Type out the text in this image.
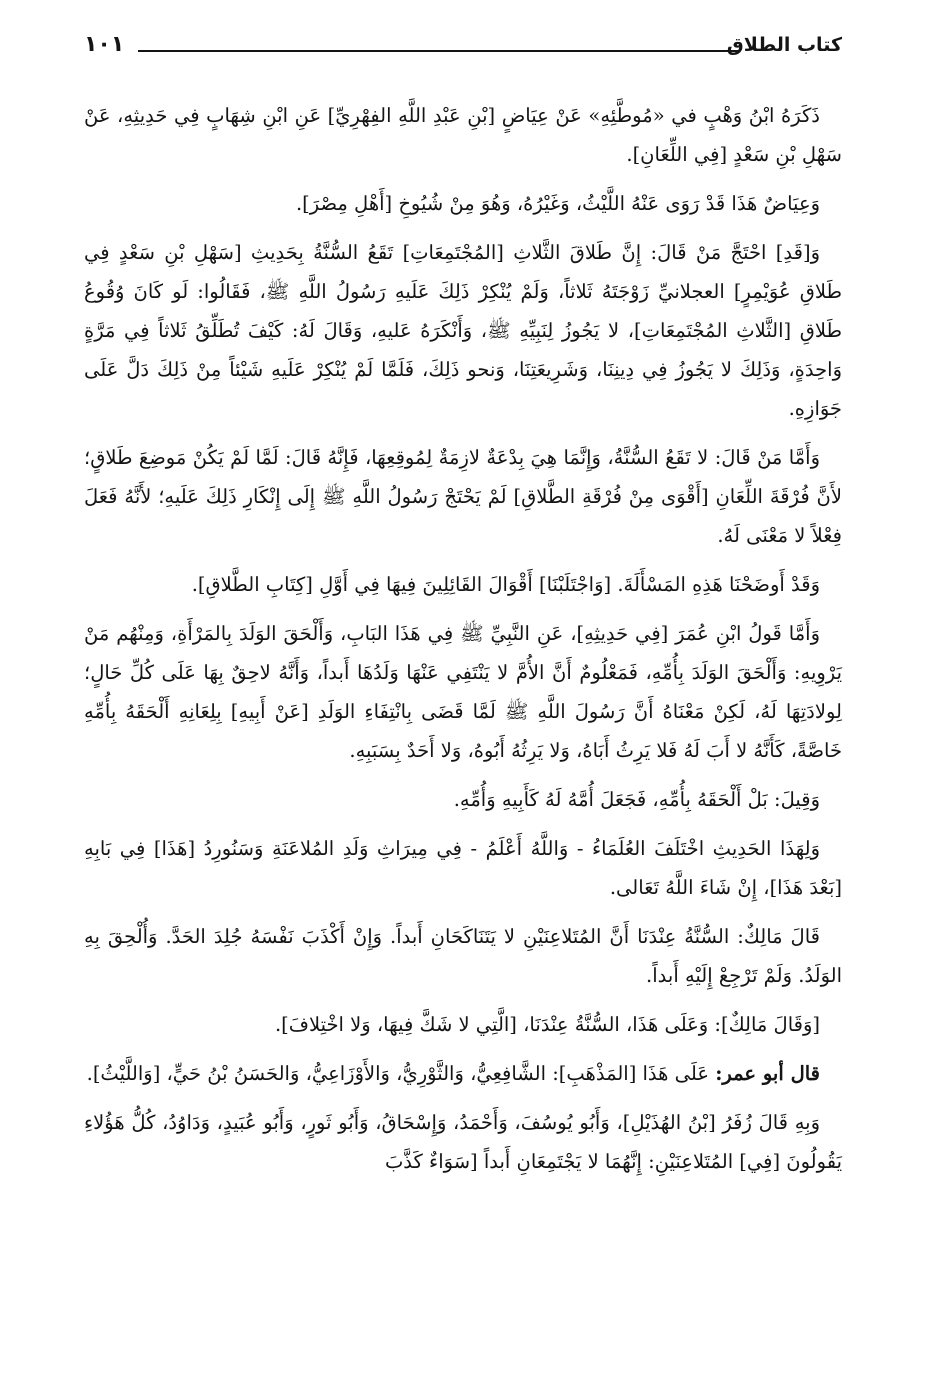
كتاب الطلاق
١٠١

ذَكَرَهُ ابْنُ وَهْبٍ في «مُوطَّئِهِ» عَنْ عِيَاضٍ [بْنِ عَبْدِ اللَّهِ الفِهْرِيِّ] عَنِ ابْنِ شِهَابٍ فِي حَدِيثِهِ، عَنْ سَهْلِ بْنِ سَعْدٍ [فِي اللِّعَانِ].

وَعِيَاضٌ هَذَا قَدْ رَوَى عَنْهُ اللَّيْثُ، وَغَيْرُهُ، وَهُوَ مِنْ شُيُوخِ [أَهْلِ مِصْرَ].

وَ[قَدِ] احْتَجَّ مَنْ قَالَ: إِنَّ طَلاقَ الثَّلاثِ [المُجْتَمِعَاتِ] تَقَعُ السُّنَّةُ بِحَدِيثِ [سَهْلِ بْنِ سَعْدٍ فِي طَلاقِ عُوَيْمِرٍ] العجلانيِّ زَوْجَتَهُ ثَلاثاً، وَلَمْ يُنْكِرْ ذَلِكَ عَلَيهِ رَسُولُ اللَّهِ ﷺ، فَقَالُوا: لَو كَانَ وُقُوعُ طَلاقِ [الثَّلاثِ المُجْتَمِعَاتِ]، لا يَجُوزُ لِنَبِيِّهِ ﷺ، وَأَنْكَرَهُ عَليهِ، وَقَالَ لَهُ: كَيْفَ تُطَلِّقُ ثَلاثاً فِي مَرَّةٍ وَاحِدَةٍ، وَذَلِكَ لا يَجُوزُ فِي دِينِنَا، وَشَرِيعَتِنَا، وَنحو ذَلِكَ، فَلَمَّا لَمْ يُنْكِرْ عَلَيهِ شَيْئاً مِنْ ذَلِكَ دَلَّ عَلَى جَوَازِهِ.

وَأَمَّا مَنْ قَالَ: لا تَقَعُ السُّنَّةُ، وَإِنَّمَا هِيَ بِدْعَةٌ لازِمَةٌ لِمُوقِعِهَا، فَإِنَّهُ قَالَ: لَمَّا لَمْ يَكُنْ مَوضِعَ طَلاقٍ؛ لأَنَّ فُرْقَةَ اللِّعَانِ [أَقْوَى مِنْ فُرْقَةِ الطَّلاقِ] لَمْ يَحْتَجْ رَسُولُ اللَّهِ ﷺ إِلَى إِنْكَارِ ذَلِكَ عَلَيهِ؛ لأَنَّهُ فَعَلَ فِعْلاً لا مَعْنَى لَهُ.

وَقَدْ أَوضَحْنَا هَذِهِ المَسْأَلَةَ. [وَاجْتَلَبْنَا] أَقْوَالَ القَائِلِينَ فِيهَا فِي أَوَّلِ [كِتَابِ الطَّلاقِ].

وَأَمَّا قَولُ ابْنِ عُمَرَ [فِي حَدِيثِهِ]، عَنِ النَّبِيِّ ﷺ فِي هَذَا البَابِ، وَأَلْحَقَ الوَلَدَ بِالمَرْأَةِ، وَمِنْهُم مَنْ يَرْوِيهِ: وَأَلْحَقَ الوَلَدَ بِأُمِّهِ، فَمَعْلُومٌ أَنَّ الأُمَّ لا يَنْتَفِي عَنْهَا وَلَدُهَا أَبداً، وَأَنَّهُ لاحِقٌ بِهَا عَلَى كُلِّ حَالٍ؛ لِولادَتِهَا لَهُ، لَكِنْ مَعْنَاهُ أَنَّ رَسُولَ اللَّهِ ﷺ لَمَّا قَضَى بِانْتِفَاءِ الوَلَدِ [عَنْ أَبِيهِ] بِلِعَانِهِ أَلْحَقَهُ بِأُمِّهِ خَاصَّةً، كَأَنَّهُ لا أَبَ لَهُ فَلا يَرِثُ أَبَاهُ، وَلا يَرِثُهُ أَبُوهُ، وَلا أَحَدٌ بِسَبَبِهِ.

وَقِيلَ: بَلْ أَلْحَقَهُ بِأُمِّهِ، فَجَعَلَ أُمَّهُ لَهُ كَأَبِيهِ وَأُمِّهِ.

وَلِهَذَا الحَدِيثِ اخْتَلَفَ العُلَمَاءُ - وَاللَّهُ أَعْلَمُ - فِي مِيرَاثِ وَلَدِ المُلاعَنَةِ وَسَنُورِدُ [هَذَا] فِي بَابِهِ [بَعْدَ هَذَا]، إِنْ شَاءَ اللَّهُ تَعَالى.

قَالَ مَالِكٌ: السُّنَّةُ عِنْدَنَا أَنَّ المُتَلاعِنَيْنِ لا يَتَنَاكَحَانِ أَبداً. وَإِنْ أَكْذَبَ نَفْسَهُ جُلِدَ الحَدَّ. وَأُلْحِقَ بِهِ الوَلَدُ. وَلَمْ تَرْجِعْ إِلَيْهِ أَبداً.

[وَقَالَ مَالِكٌ]: وَعَلَى هَذَا، السُّنَّةُ عِنْدَنَا، [الَّتِي لا شَكَّ فِيهَا، وَلا اخْتِلافَ].

قال أبو عمر: عَلَى هَذَا [المَذْهَبِ]: الشَّافِعِيُّ، وَالثَّوْرِيُّ، وَالأَوْزَاعِيُّ، وَالحَسَنُ بْنُ حَيٍّ، [وَاللَّيْثُ].

وَبِهِ قَالَ زُفَرُ [بْنُ الهُذَيْلِ]، وَأَبُو يُوسُفَ، وَأَحْمَدُ، وَإِسْحَاقُ، وَأَبُو ثَورٍ، وَأَبُو عُبَيدٍ، وَدَاوُدُ، كُلُّ هَؤُلاءِ يَقُولُونَ [فِي] المُتَلاعِنَيْنِ: إِنَّهُمَا لا يَجْتَمِعَانِ أَبداً [سَوَاءٌ كَذَّبَ
